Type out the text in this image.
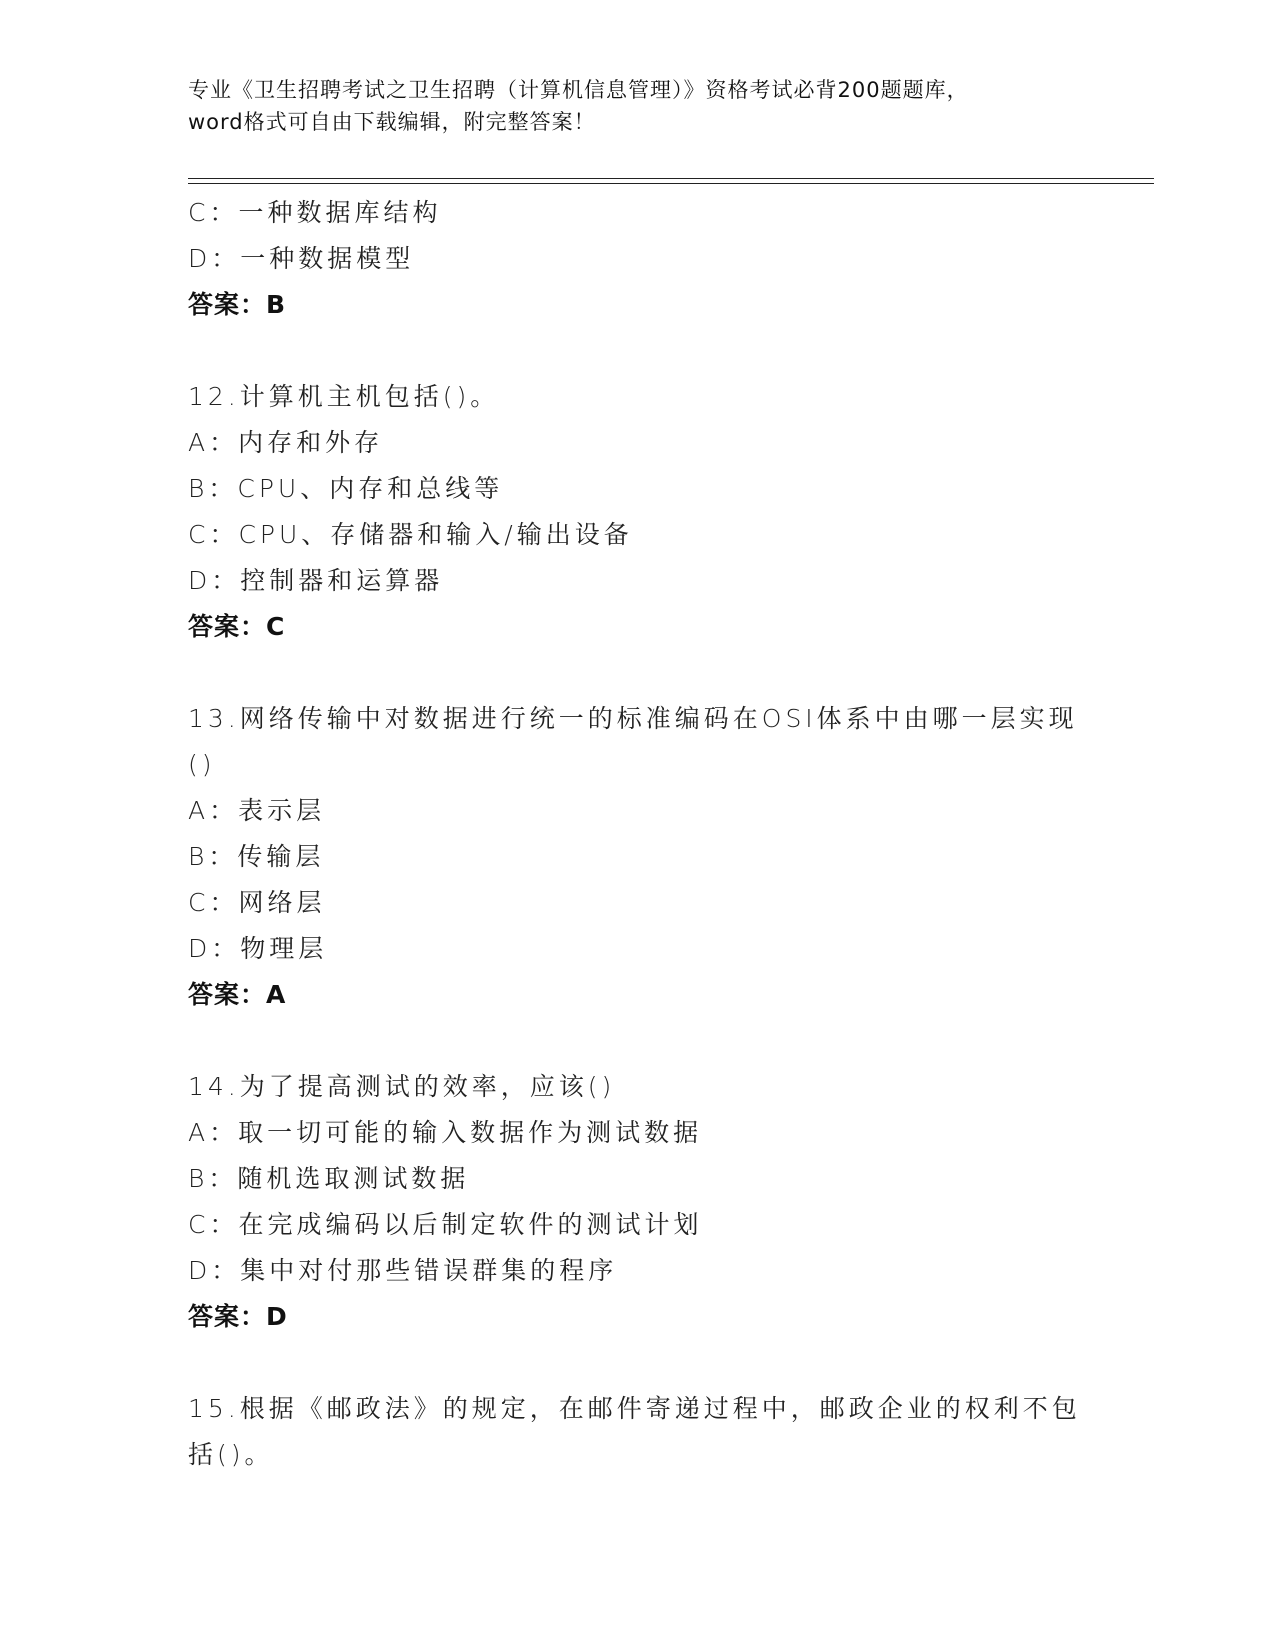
专业《卫生招聘考试之卫生招聘（计算机信息管理）》资格考试必背200题题库，
word格式可自由下载编辑，附完整答案！
C：一种数据库结构
D：一种数据模型
答案：B
12.计算机主机包括()。
A：内存和外存
B：CPU、内存和总线等
C：CPU、存储器和输入/输出设备
D：控制器和运算器
答案：C
13.网络传输中对数据进行统一的标准编码在OSI体系中由哪一层实现
()
A：表示层
B：传输层
C：网络层
D：物理层
答案：A
14.为了提高测试的效率，应该()
A：取一切可能的输入数据作为测试数据
B：随机选取测试数据
C：在完成编码以后制定软件的测试计划
D：集中对付那些错误群集的程序
答案：D
15.根据《邮政法》的规定，在邮件寄递过程中，邮政企业的权利不包
括()。
